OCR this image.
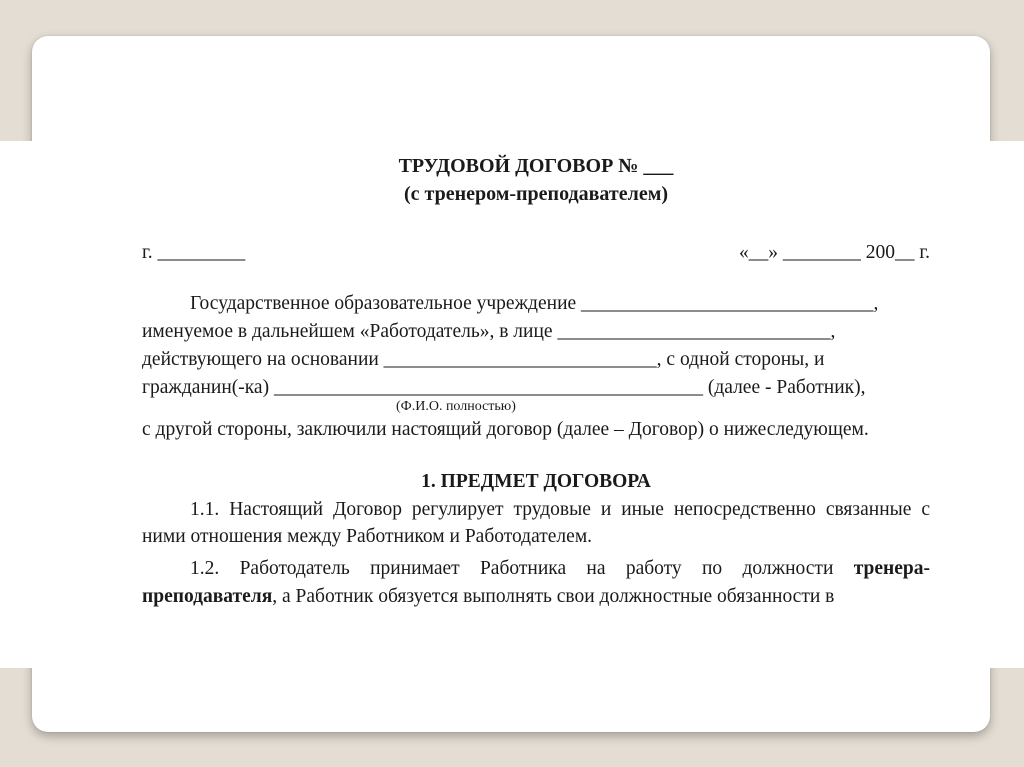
ТРУДОВОЙ ДОГОВОР № ___
(с тренером-преподавателем)
г. _________	«__» ________ 200__ г.
Государственное образовательное учреждение ______________________________,
именуемое в дальнейшем «Работодатель», в лице ____________________________,
действующего на основании ____________________________, с одной стороны, и
гражданин(-ка) ____________________________________________ (далее - Работник),
(Ф.И.О. полностью)
с другой стороны, заключили настоящий договор (далее – Договор) о нижеследующем.
1. ПРЕДМЕТ ДОГОВОРА
1.1. Настоящий Договор регулирует трудовые и иные непосредственно связанные с ними отношения между Работником и Работодателем.
1.2. Работодатель принимает Работника на работу по должности тренера-преподавателя, а Работник обязуется выполнять свои должностные обязанности в
